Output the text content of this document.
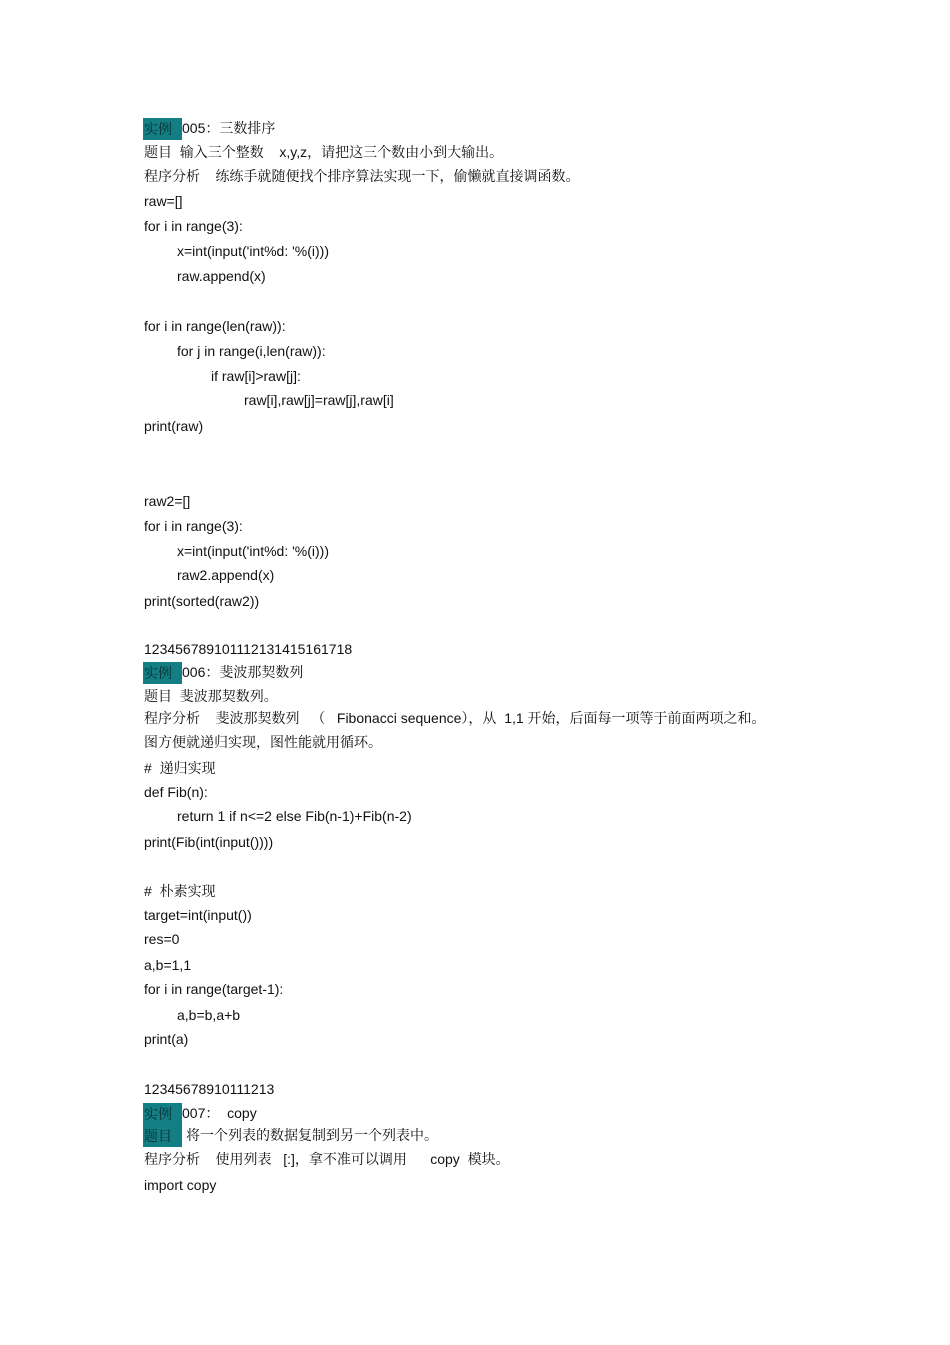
实例 005：三数排序
题目  输入三个整数    x,y,z，请把这三个数由小到大输出。
程序分析    练练手就随便找个排序算法实现一下，偷懒就直接调函数。
raw=[]
for i in range(3):
x=int(input('int%d: '%(i)))
raw.append(x)
for i in range(len(raw)):
for j in range(i,len(raw)):
if raw[i]>raw[j]:
raw[i],raw[j]=raw[j],raw[i]
print(raw)
raw2=[]
for i in range(3):
x=int(input('int%d: '%(i)))
raw2.append(x)
print(sorted(raw2))
123456789101112131415161718
实例 006：斐波那契数列
题目  斐波那契数列。
程序分析    斐波那契数列   （   Fibonacci sequence），从  1,1 开始，后面每一项等于前面两项之和。
图方便就递归实现，图性能就用循环。
#  递归实现
def Fib(n):
return 1 if n<=2 else Fib(n-1)+Fib(n-2)
print(Fib(int(input())))
#  朴素实现
target=int(input())
res=0
a,b=1,1
for i in range(target-1):
a,b=b,a+b
print(a)
12345678910111213
实例 007：  copy
题目	将一个列表的数据复制到另一个列表中。
程序分析    使用列表   [:]，拿不准可以调用      copy  模块。
import copy
